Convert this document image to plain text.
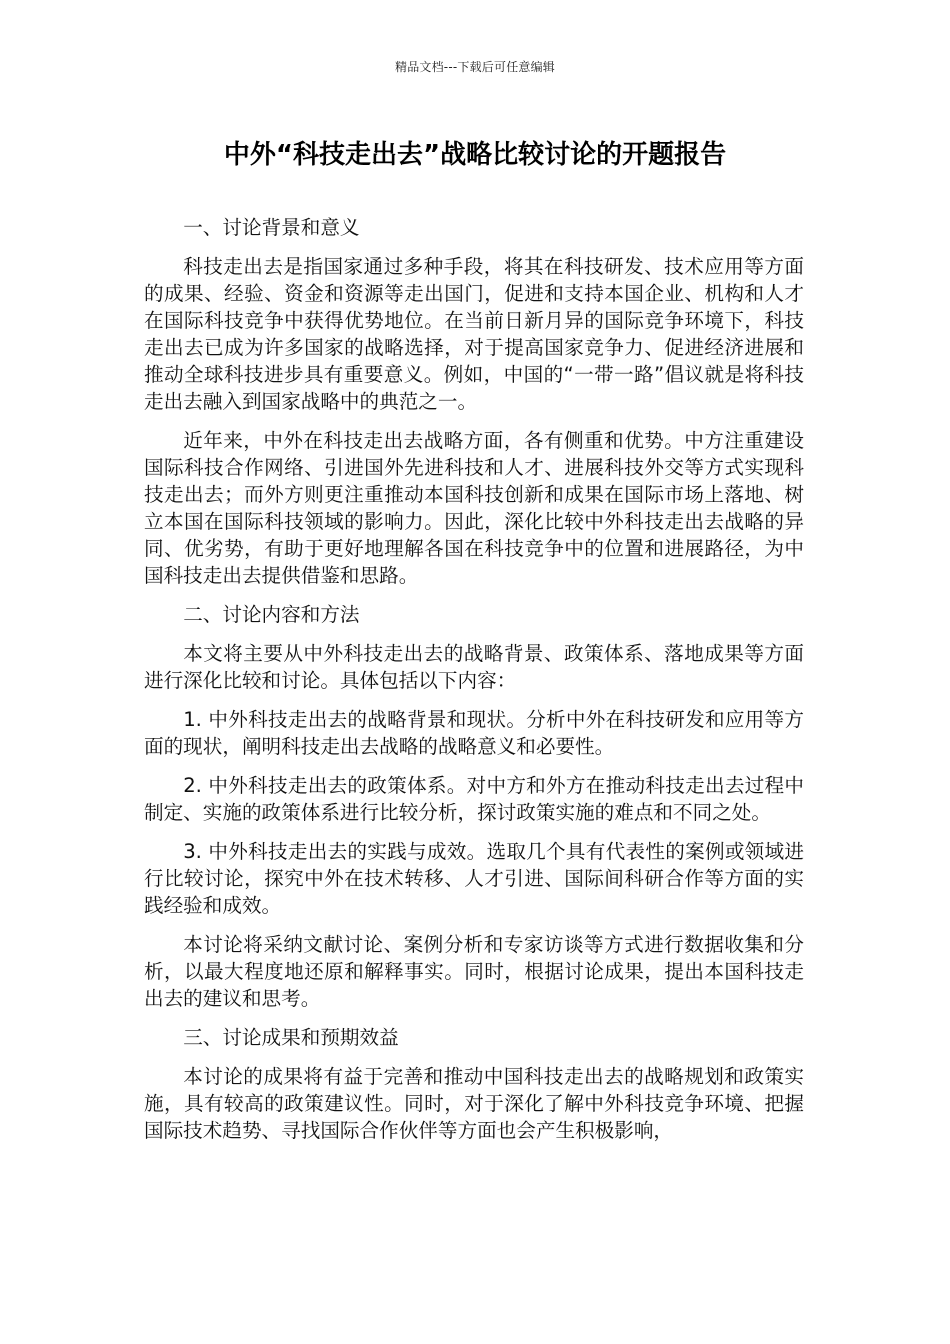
精品文档---下载后可任意编辑
中外“科技走出去”战略比较讨论的开题报告

一、讨论背景和意义

科技走出去是指国家通过多种手段，将其在科技研发、技术应用等方面的成果、经验、资金和资源等走出国门，促进和支持本国企业、机构和人才在国际科技竞争中获得优势地位。在当前日新月异的国际竞争环境下，科技走出去已成为许多国家的战略选择，对于提高国家竞争力、促进经济进展和推动全球科技进步具有重要意义。例如，中国的“一带一路”倡议就是将科技走出去融入到国家战略中的典范之一。

近年来，中外在科技走出去战略方面，各有侧重和优势。中方注重建设国际科技合作网络、引进国外先进科技和人才、进展科技外交等方式实现科技走出去；而外方则更注重推动本国科技创新和成果在国际市场上落地、树立本国在国际科技领域的影响力。因此，深化比较中外科技走出去战略的异同、优劣势，有助于更好地理解各国在科技竞争中的位置和进展路径，为中国科技走出去提供借鉴和思路。

二、讨论内容和方法

本文将主要从中外科技走出去的战略背景、政策体系、落地成果等方面进行深化比较和讨论。具体包括以下内容：

1. 中外科技走出去的战略背景和现状。分析中外在科技研发和应用等方面的现状，阐明科技走出去战略的战略意义和必要性。

2. 中外科技走出去的政策体系。对中方和外方在推动科技走出去过程中制定、实施的政策体系进行比较分析，探讨政策实施的难点和不同之处。

3. 中外科技走出去的实践与成效。选取几个具有代表性的案例或领域进行比较讨论，探究中外在技术转移、人才引进、国际间科研合作等方面的实践经验和成效。

本讨论将采纳文献讨论、案例分析和专家访谈等方式进行数据收集和分析，以最大程度地还原和解释事实。同时，根据讨论成果，提出本国科技走出去的建议和思考。

三、讨论成果和预期效益

本讨论的成果将有益于完善和推动中国科技走出去的战略规划和政策实施，具有较高的政策建议性。同时，对于深化了解中外科技竞争环境、把握国际技术趋势、寻找国际合作伙伴等方面也会产生积极影响，
